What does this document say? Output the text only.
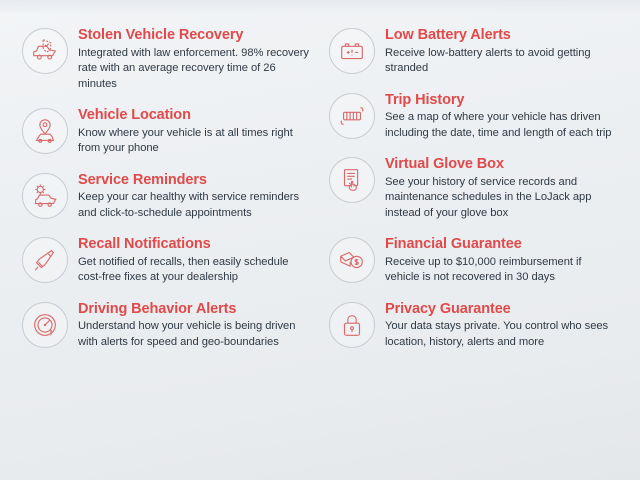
Stolen Vehicle Recovery
Integrated with law enforcement. 98% recovery rate with an average recovery time of 26 minutes
Vehicle Location
Know where your vehicle is at all times right from your phone
Service Reminders
Keep your car healthy with service reminders and click-to-schedule appointments
Recall Notifications
Get notified of recalls, then easily schedule cost-free fixes at your dealership
Driving Behavior Alerts
Understand how your vehicle is being driven with alerts for speed and geo-boundaries
Low Battery Alerts
Receive low-battery alerts to avoid getting stranded
Trip History
See a map of where your vehicle has driven including the date, time and length of each trip
Virtual Glove Box
See your history of service records and maintenance schedules in the LoJack app instead of your glove box
Financial Guarantee
Receive up to $10,000 reimbursement if vehicle is not recovered in 30 days
Privacy Guarantee
Your data stays private. You control who sees location, history, alerts and more
